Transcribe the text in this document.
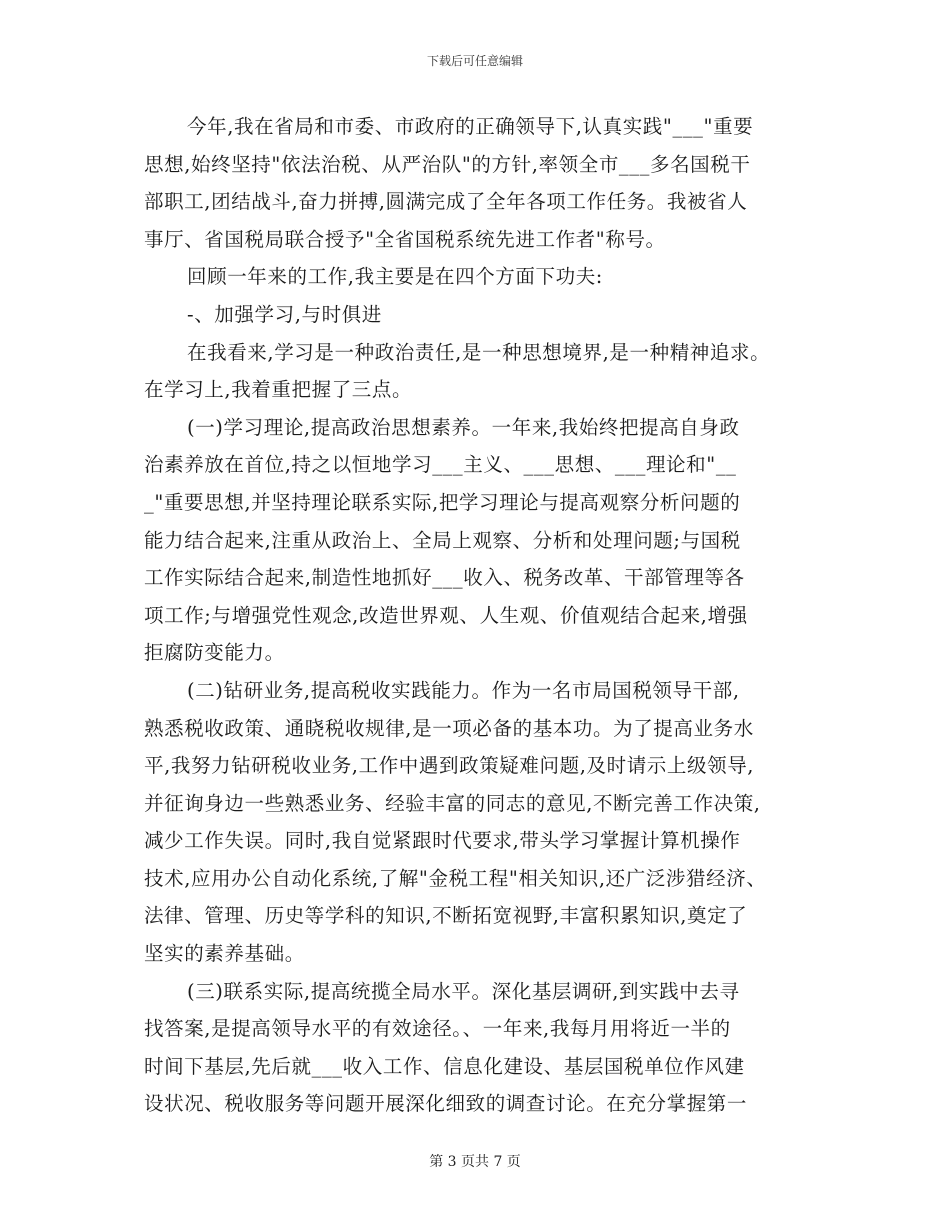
下载后可任意编辑
今年,我在省局和市委、市政府的正确领导下,认真实践"___"重要
思想,始终坚持"依法治税、从严治队"的方针,率领全市___多名国税干
部职工,团结战斗,奋力拼搏,圆满完成了全年各项工作任务。我被省人
事厅、省国税局联合授予"全省国税系统先进工作者"称号。
回顾一年来的工作,我主要是在四个方面下功夫:
-、加强学习,与时俱进
在我看来,学习是一种政治责任,是一种思想境界,是一种精神追求。
在学习上,我着重把握了三点。
(一)学习理论,提高政治思想素养。一年来,我始终把提高自身政
治素养放在首位,持之以恒地学习___主义、___思想、___理论和"__
_"重要思想,并坚持理论联系实际,把学习理论与提高观察分析问题的
能力结合起来,注重从政治上、全局上观察、分析和处理问题;与国税
工作实际结合起来,制造性地抓好___收入、税务改革、干部管理等各
项工作;与增强党性观念,改造世界观、人生观、价值观结合起来,增强
拒腐防变能力。
(二)钻研业务,提高税收实践能力。作为一名市局国税领导干部,
熟悉税收政策、通晓税收规律,是一项必备的基本功。为了提高业务水
平,我努力钻研税收业务,工作中遇到政策疑难问题,及时请示上级领导,
并征询身边一些熟悉业务、经验丰富的同志的意见,不断完善工作决策,
减少工作失误。同时,我自觉紧跟时代要求,带头学习掌握计算机操作
技术,应用办公自动化系统,了解"金税工程"相关知识,还广泛涉猎经济、
法律、管理、历史等学科的知识,不断拓宽视野,丰富积累知识,奠定了
坚实的素养基础。
(三)联系实际,提高统揽全局水平。深化基层调研,到实践中去寻
找答案,是提高领导水平的有效途径。、一年来,我每月用将近一半的
时间下基层,先后就___收入工作、信息化建设、基层国税单位作风建
设状况、税收服务等问题开展深化细致的调查讨论。在充分掌握第一
第 3 页共 7 页
